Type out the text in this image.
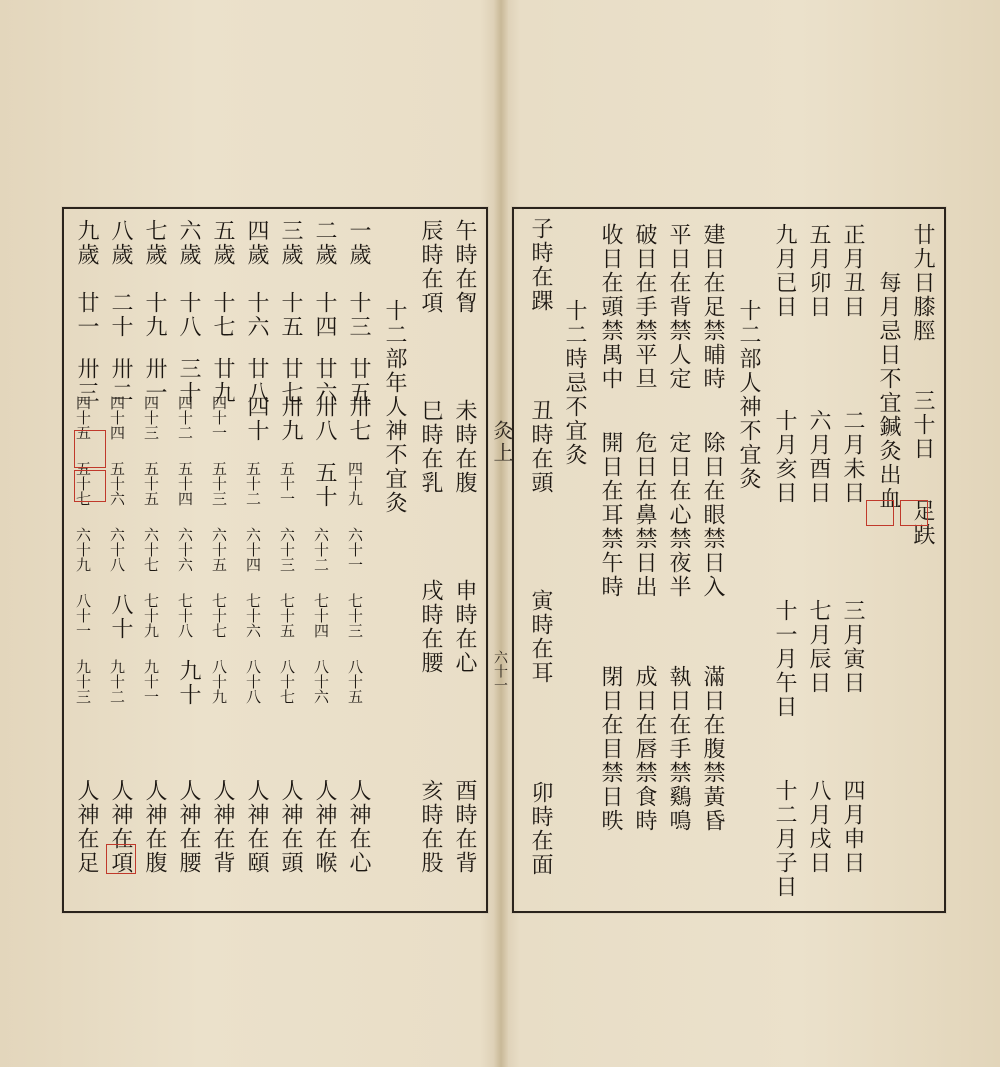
廿九日膝脛
三十日
足趺
每月忌日不宜鍼灸出血
正月丑日
二月未日
三月寅日
四月申日
五月卯日
六月酉日
七月辰日
八月戌日
九月已日
十月亥日
十一月午日
十二月子日
十二部人神不宜灸
建日在足禁晡時
除日在眼禁日入
滿日在腹禁黃昏
平日在背禁人定
定日在心禁夜半
執日在手禁鷄鳴
破日在手禁平旦
危日在鼻禁日出
成日在唇禁食時
收日在頭禁禺中
開日在耳禁午時
閉日在目禁日昳
十二時忌不宜灸
子時在踝
丑時在頭
寅時在耳
卯時在面
灸上
六十一
午時在胷
未時在腹
申時在心
酉時在背
辰時在項
巳時在乳
戌時在腰
亥時在股
十二部年人神不宜灸
一歲
十三
廿五
卅七
四十九
六十一
七十三
八十五
人神在心
二歲
十四
廿六
卅八
五十
六十二
七十四
八十六
人神在喉
三歲
十五
廿七
卅九
五十一
六十三
七十五
八十七
人神在頭
四歲
十六
廿八
四十
五十二
六十四
七十六
八十八
人神在頤
五歲
十七
廿九
四十一
五十三
六十五
七十七
八十九
人神在背
六歲
十八
三十
四十二
五十四
六十六
七十八
九十
人神在腰
七歲
十九
卅一
四十三
五十五
六十七
七十九
九十一
人神在腹
八歲
二十
卅二
四十四
五十六
六十八
八十
九十二
人神在項
九歲
廿一
卅三
四十五
五十七
六十九
八十一
九十三
人神在足
